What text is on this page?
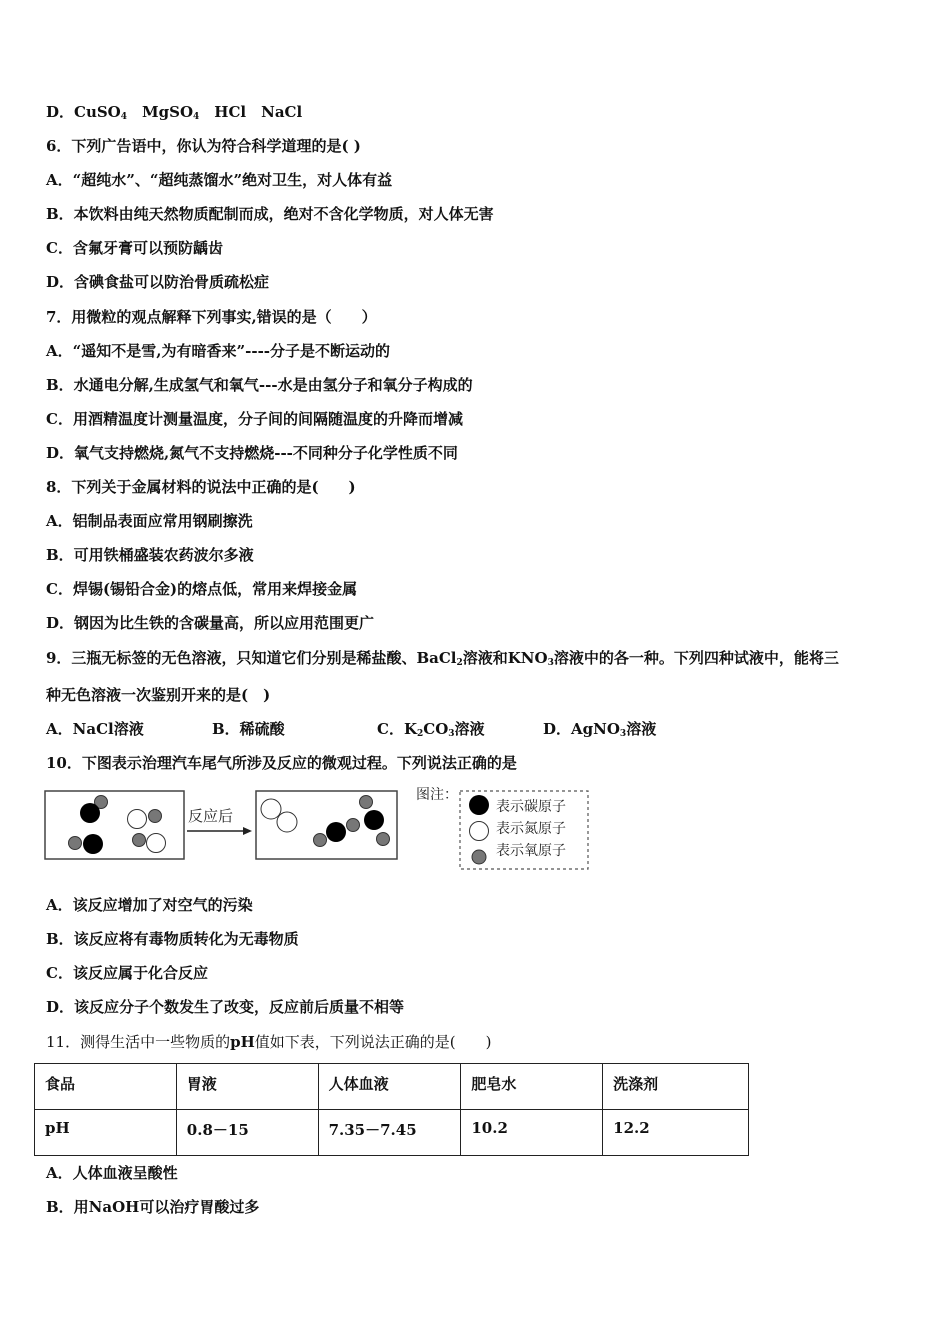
D．CuSO$_4$　MgSO$_4$　HCl　NaCl
6．下列广告语中，你认为符合科学道理的是( )
A．“超纯水”、“超纯蒸馏水”绝对卫生，对人体有益
B．本饮料由纯天然物质配制而成，绝对不含化学物质，对人体无害
C．含氟牙膏可以预防龋齿
D．含碘食盐可以防治骨质疏松症
7．用微粒的观点解释下列事实,错误的是（　　）
A．“遥知不是雪,为有暗香来”----分子是不断运动的
B．水通电分解,生成氢气和氧气---水是由氢分子和氧分子构成的
C．用酒精温度计测量温度，分子间的间隔随温度的升降而增减
D．氧气支持燃烧,氮气不支持燃烧---不同种分子化学性质不同
8．下列关于金属材料的说法中正确的是(　　)
A．铝制品表面应常用钢刷擦洗
B．可用铁桶盛装农药波尔多液
C．焊锡(锡铅合金)的熔点低，常用来焊接金属
D．钢因为比生铁的含碳量高，所以应用范围更广
9．三瓶无标签的无色溶液，只知道它们分别是稀盐酸、BaCl$_2$溶液和$KNO_3$溶液中的各一种。下列四种试液中，能将三
种无色溶液一次鉴别开来的是(　)
A．NaCl溶液	B．稀硫酸	C．$K_2CO_3$溶液	D．AgNO$_3$溶液
10．下图表示治理汽车尾气所涉及反应的微观过程。下列说法正确的是
反应后
图注：
表示碳原子
表示氮原子
表示氧原子
A．该反应增加了对空气的污染
B．该反应将有毒物质转化为无毒物质
C．该反应属于化合反应
D．该反应分子个数发生了改变，反应前后质量不相等
11．测得生活中一些物质的pH值如下表，下列说法正确的是(　　)
食品	胃液	人体血液	肥皂水	洗涤剂
pH	0.8－15	7.35－7.45	10.2	12.2
A．人体血液呈酸性
B．用NaOH可以治疗胃酸过多
